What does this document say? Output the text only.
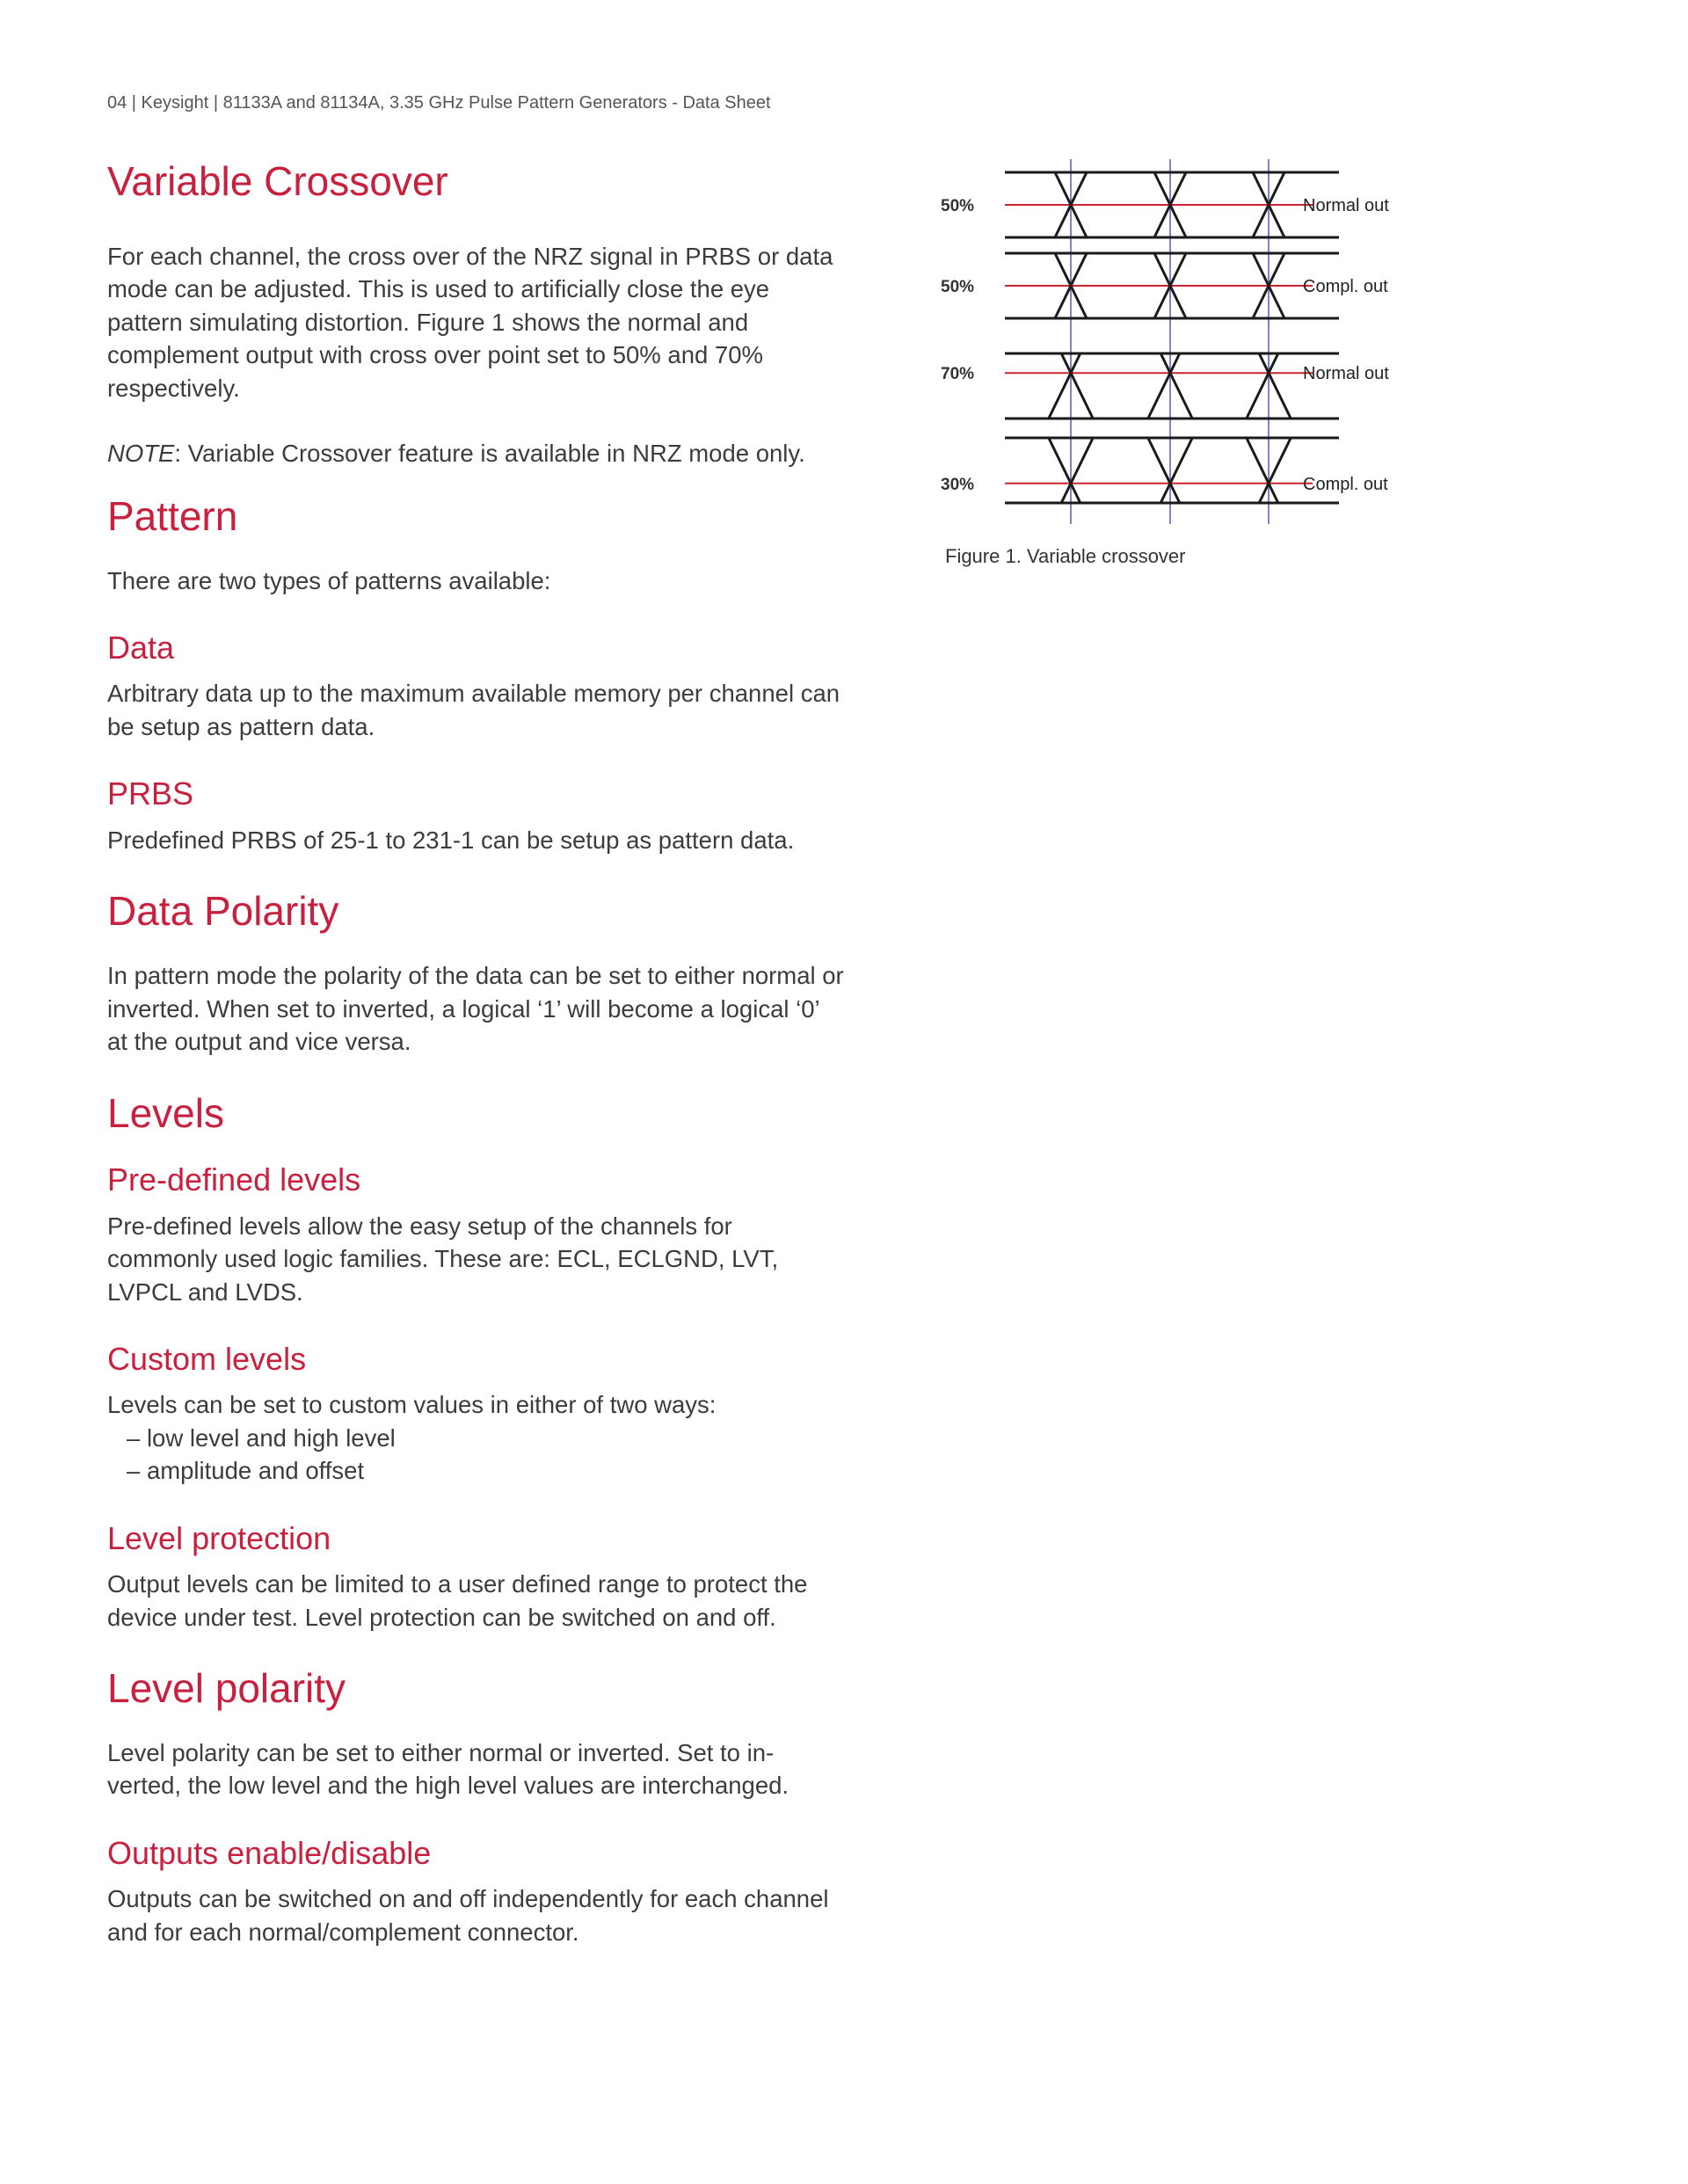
04 | Keysight | 81133A and 81134A, 3.35 GHz Pulse Pattern Generators - Data Sheet
Variable Crossover

For each channel, the cross over of the NRZ signal in PRBS or data mode can be adjusted. This is used to artificially close the eye pattern simulating distortion. Figure 1 shows the normal and complement output with cross over point set to 50% and 70% respectively.

NOTE: Variable Crossover feature is available in NRZ mode only.

Pattern

There are two types of patterns available:

Data

Arbitrary data up to the maximum available memory per channel can be setup as pattern data.

PRBS

Predefined PRBS of 25-1 to 231-1 can be setup as pattern data.

Data Polarity

In pattern mode the polarity of the data can be set to either normal or inverted. When set to inverted, a logical ‘1’ will become a logical ‘0’ at the output and vice versa.

Levels
Pre-defined levels

Pre-defined levels allow the easy setup of the channels for commonly used logic families. These are: ECL, ECLGND, LVT, LVPCL and LVDS.

Custom levels

Levels can be set to custom values in either of two ways:

– low level and high level
– amplitude and offset
Level protection

Output levels can be limited to a user defined range to protect the device under test. Level protection can be switched on and off.

Level polarity

Level polarity can be set to either normal or inverted. Set to in-verted, the low level and the high level values are interchanged.

Outputs enable/disable

Outputs can be switched on and off independently for each channel and for each normal/complement connector.

50%	Normal out
50%	Compl. out
70%	Normal out
30%	Compl. out
Figure 1. Variable crossover
